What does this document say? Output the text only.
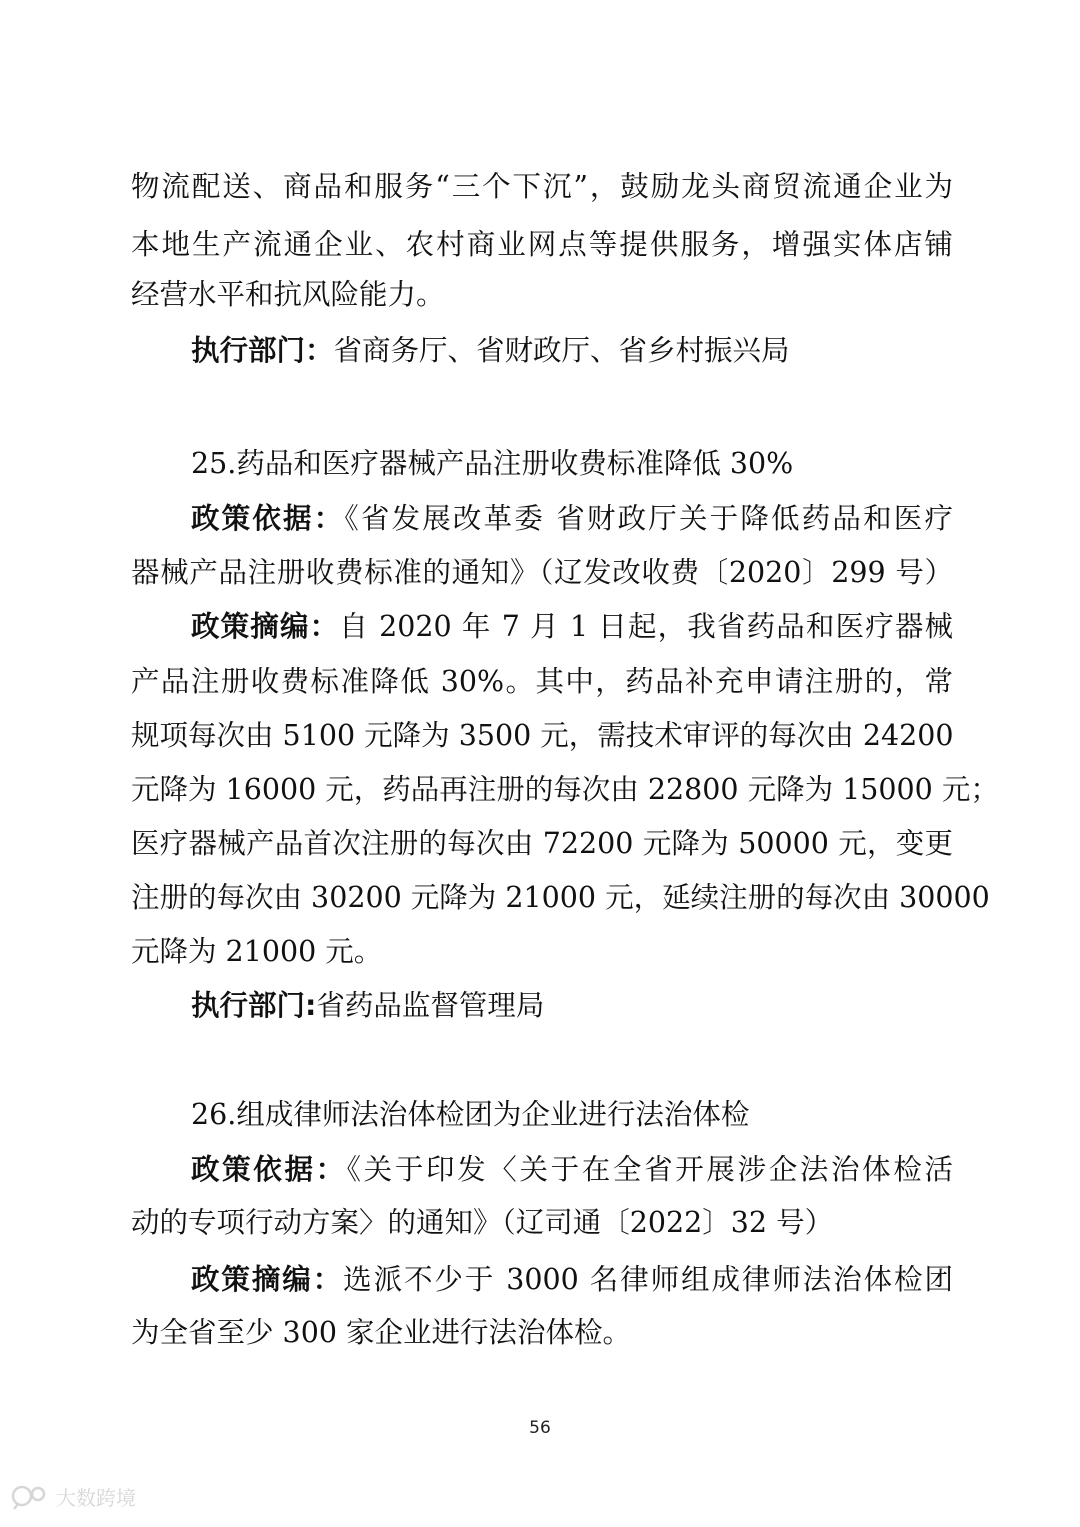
物流配送、商品和服务“三个下沉”，鼓励龙头商贸流通企业为
本地生产流通企业、农村商业网点等提供服务，增强实体店铺
经营水平和抗风险能力。
执行部门：省商务厅、省财政厅、省乡村振兴局
25.药品和医疗器械产品注册收费标准降低 30%
政策依据：《省发展改革委 省财政厅关于降低药品和医疗
器械产品注册收费标准的通知》（辽发改收费〔2020〕299 号）
政策摘编：自 2020 年 7 月 1 日起，我省药品和医疗器械
产品注册收费标准降低 30%。其中，药品补充申请注册的，常
规项每次由 5100 元降为 3500 元，需技术审评的每次由 24200
元降为 16000 元，药品再注册的每次由 22800 元降为 15000 元；
医疗器械产品首次注册的每次由 72200 元降为 50000 元，变更
注册的每次由 30200 元降为 21000 元，延续注册的每次由 30000
元降为 21000 元。
执行部门:省药品监督管理局
26.组成律师法治体检团为企业进行法治体检
政策依据：《关于印发〈关于在全省开展涉企法治体检活
动的专项行动方案〉的通知》（辽司通〔2022〕32 号）
政策摘编：选派不少于 3000 名律师组成律师法治体检团
为全省至少 300 家企业进行法治体检。
56
大数跨境
